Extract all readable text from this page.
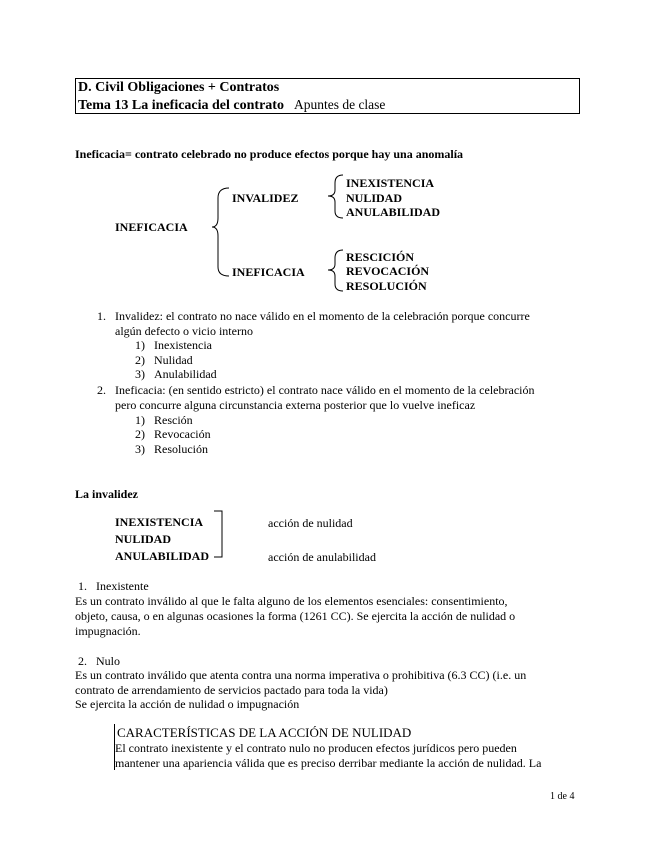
D. Civil Obligaciones + Contratos
Tema 13 La ineficacia del contrato Apuntes de clase
Ineficacia= contrato celebrado no produce efectos porque hay una anomalía
INEFICACIA
INVALIDEZ
INEXISTENCIA
NULIDAD
ANULABILIDAD
INEFICACIA
RESCICIÓN
REVOCACIÓN
RESOLUCIÓN
1. Invalidez: el contrato no nace válido en el momento de la celebración porque concurre
algún defecto o vicio interno
1) Inexistencia
2) Nulidad
3) Anulabilidad
2. Ineficacia: (en sentido estricto) el contrato nace válido en el momento de la celebración
pero concurre alguna circunstancia externa posterior que lo vuelve ineficaz
1) Resción
2) Revocación
3) Resolución
La invalidez
INEXISTENCIA
NULIDAD
ANULABILIDAD
acción de nulidad
acción de anulabilidad
1. Inexistente
Es un contrato inválido al que le falta alguno de los elementos esenciales: consentimiento,
objeto, causa, o en algunas ocasiones la forma (1261 CC). Se ejercita la acción de nulidad o
impugnación.
2. Nulo
Es un contrato inválido que atenta contra una norma imperativa o prohibitiva (6.3 CC) (i.e. un
contrato de arrendamiento de servicios pactado para toda la vida)
Se ejercita la acción de nulidad o impugnación
CARACTERÍSTICAS DE LA ACCIÓN DE NULIDAD
El contrato inexistente y el contrato nulo no producen efectos jurídicos pero pueden
mantener una apariencia válida que es preciso derribar mediante la acción de nulidad. La
1 de 4
